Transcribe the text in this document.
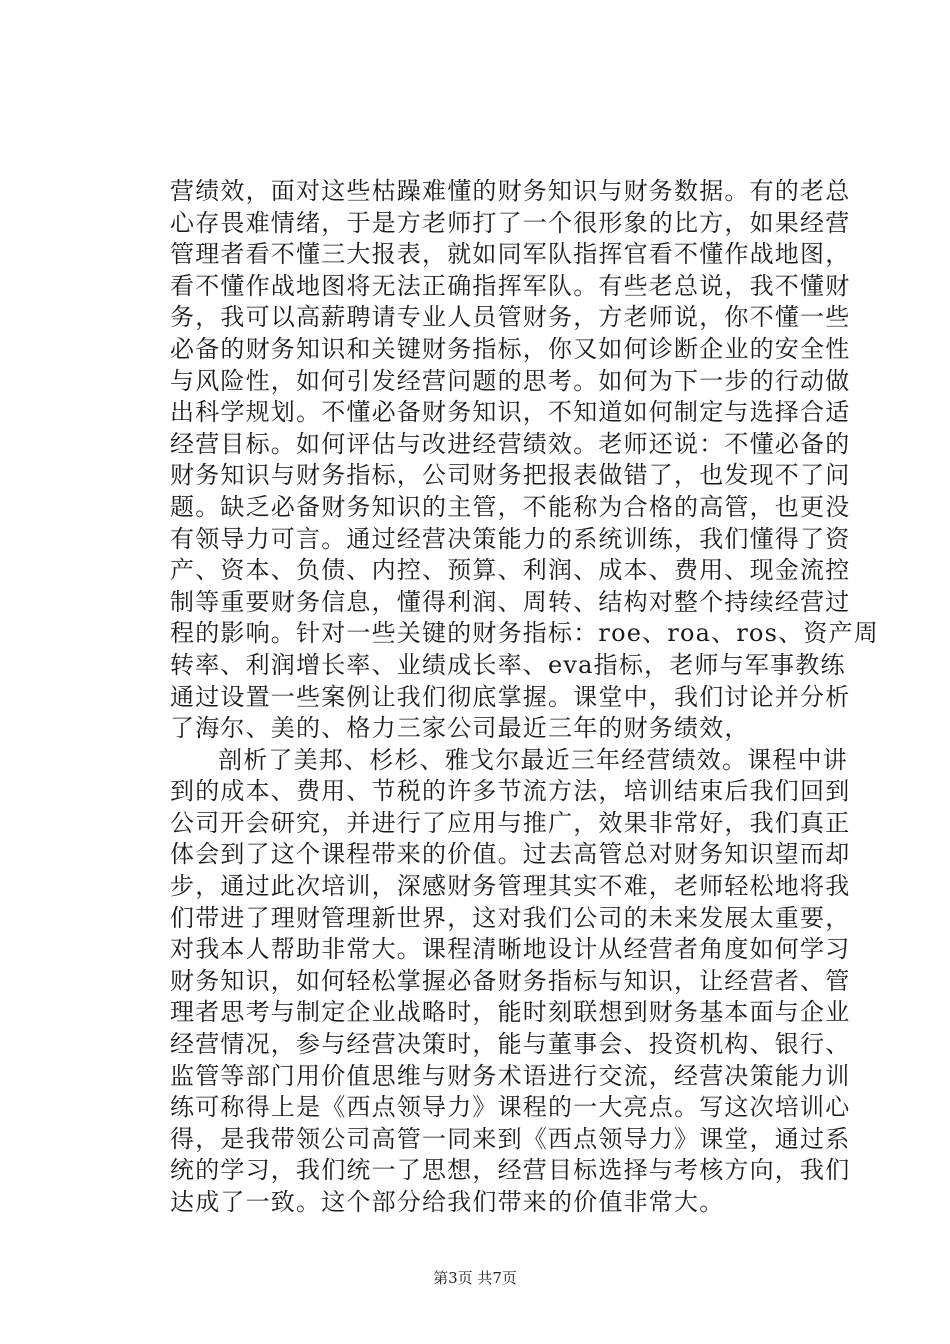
营绩效，面对这些枯躁难懂的财务知识与财务数据。有的老总
心存畏难情绪，于是方老师打了一个很形象的比方，如果经营
管理者看不懂三大报表，就如同军队指挥官看不懂作战地图，
看不懂作战地图将无法正确指挥军队。有些老总说，我不懂财
务，我可以高薪聘请专业人员管财务，方老师说，你不懂一些
必备的财务知识和关键财务指标，你又如何诊断企业的安全性
与风险性，如何引发经营问题的思考。如何为下一步的行动做
出科学规划。不懂必备财务知识，不知道如何制定与选择合适
经营目标。如何评估与改进经营绩效。老师还说：不懂必备的
财务知识与财务指标，公司财务把报表做错了，也发现不了问
题。缺乏必备财务知识的主管，不能称为合格的高管，也更没
有领导力可言。通过经营决策能力的系统训练，我们懂得了资
产、资本、负债、内控、预算、利润、成本、费用、现金流控
制等重要财务信息，懂得利润、周转、结构对整个持续经营过
程的影响。针对一些关键的财务指标：roe、roa、ros、资产周
转率、利润增长率、业绩成长率、eva指标，老师与军事教练
通过设置一些案例让我们彻底掌握。课堂中，我们讨论并分析
了海尔、美的、格力三家公司最近三年的财务绩效，
剖析了美邦、杉杉、雅戈尔最近三年经营绩效。课程中讲
到的成本、费用、节税的许多节流方法，培训结束后我们回到
公司开会研究，并进行了应用与推广，效果非常好，我们真正
体会到了这个课程带来的价值。过去高管总对财务知识望而却
步，通过此次培训，深感财务管理其实不难，老师轻松地将我
们带进了理财管理新世界，这对我们公司的未来发展太重要，
对我本人帮助非常大。课程清晰地设计从经营者角度如何学习
财务知识，如何轻松掌握必备财务指标与知识，让经营者、管
理者思考与制定企业战略时，能时刻联想到财务基本面与企业
经营情况，参与经营决策时，能与董事会、投资机构、银行、
监管等部门用价值思维与财务术语进行交流，经营决策能力训
练可称得上是《西点领导力》课程的一大亮点。写这次培训心
得，是我带领公司高管一同来到《西点领导力》课堂，通过系
统的学习，我们统一了思想，经营目标选择与考核方向，我们
达成了一致。这个部分给我们带来的价值非常大。
第3页 共7页
